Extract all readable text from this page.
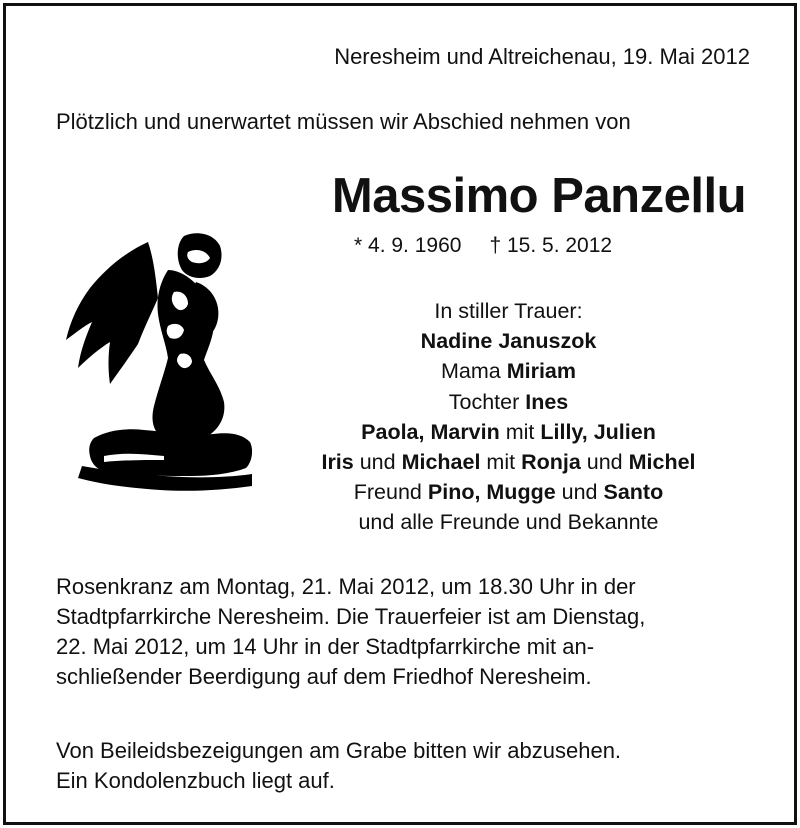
Neresheim und Altreichenau, 19. Mai 2012
Plötzlich und unerwartet müssen wir Abschied nehmen von
Massimo Panzellu
* 4. 9. 1960 † 15. 5. 2012
In stiller Trauer:
Nadine Januszok
Mama Miriam
Tochter Ines
Paola, Marvin mit Lilly, Julien
Iris und Michael mit Ronja und Michel
Freund Pino, Mugge und Santo
und alle Freunde und Bekannte
Rosenkranz am Montag, 21. Mai 2012, um 18.30 Uhr in der
Stadtpfarrkirche Neresheim. Die Trauerfeier ist am Dienstag,
22. Mai 2012, um 14 Uhr in der Stadtpfarrkirche mit an-
schließender Beerdigung auf dem Friedhof Neresheim.
Von Beileidsbezeigungen am Grabe bitten wir abzusehen.
Ein Kondolenzbuch liegt auf.
